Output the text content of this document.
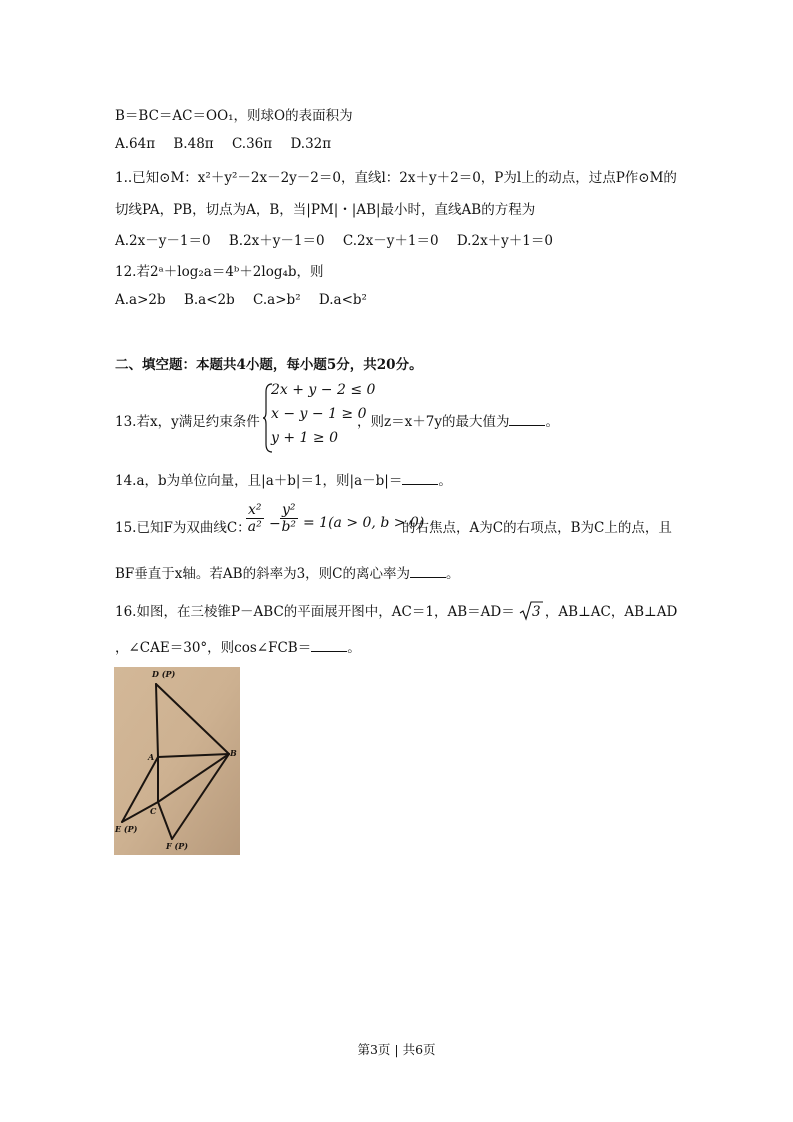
B＝BC＝AC＝OO₁，则球O的表面积为
A.64π B.48π C.36π D.32π
1..已知⊙M：x²＋y²－2x－2y－2＝0，直线l：2x＋y＋2＝0，P为l上的动点，过点P作⊙M的
切线PA，PB，切点为A，B，当|PM|・|AB|最小时，直线AB的方程为
A.2x－y－1＝0 B.2x＋y－1＝0 C.2x－y＋1＝0 D.2x＋y＋1＝0
12.若2ᵃ＋log₂a＝4ᵇ＋2log₄b，则
A.a>2b B.a<2b C.a>b² D.a<b²
二、填空题：本题共4小题，每小题5分，共20分。
13.若x，y满足约束条件
2x + y − 2 ≤ 0
x − y − 1 ≥ 0
y + 1 ≥ 0
，则z＝x＋7y的最大值为	。
14.a，b为单位向量，且|a＋b|＝1，则|a－b|＝	。
15.已知F为双曲线C：
$\frac{\text{x²}}{\text{a²}} - \frac{\text{y²}}{\text{b²}} = 1(a > 0$, b > 0)
的右焦点，A为C的右项点，B为C上的点，且
BF垂直于x轴。若AB的斜率为3，则C的离心率为	。
16.如图，在三棱锥P－ABC的平面展开图中，AC＝1，AB＝AD＝ 3 ，AB⊥AC，AB⊥AD
，∠CAE＝30°，则cos∠FCB＝	。
D (P)
A	B
C
E (P)
F (P)
第3页 | 共6页
